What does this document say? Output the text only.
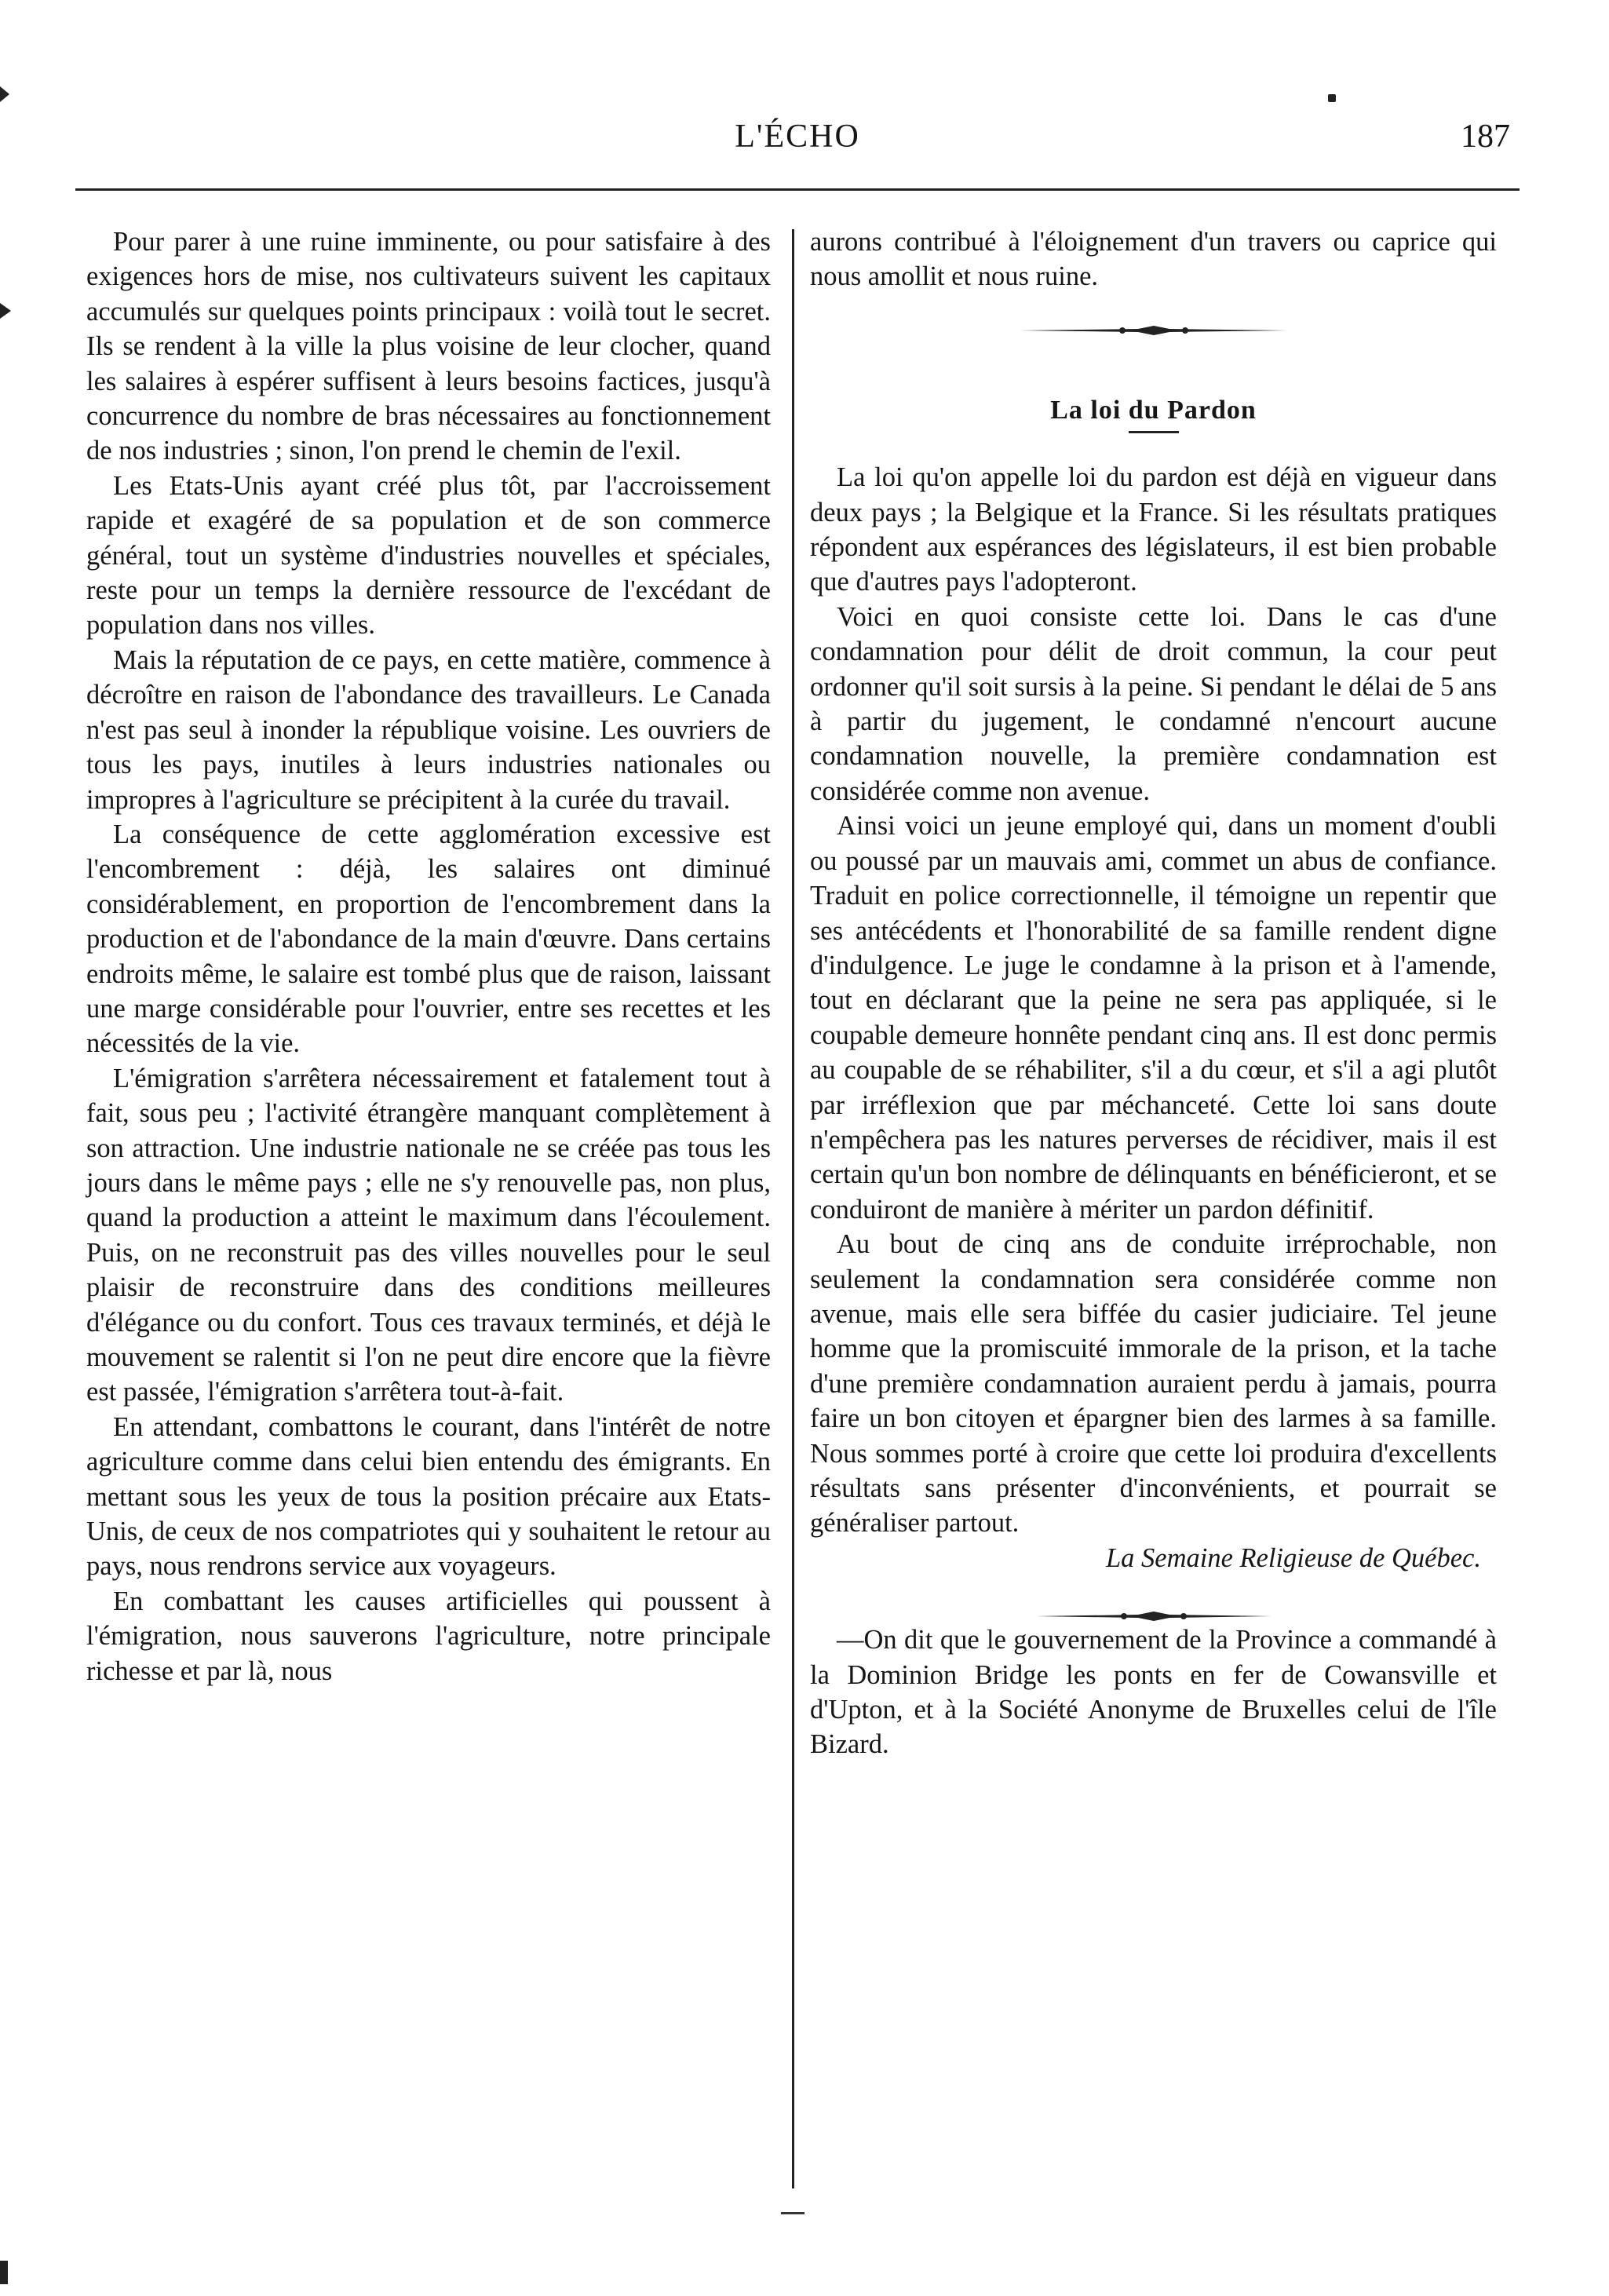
L'ÉCHO	187

Pour parer à une ruine imminente, ou pour satisfaire à des exigences hors de mise, nos cultivateurs suivent les capitaux accumulés sur quelques points principaux : voilà tout le secret. Ils se rendent à la ville la plus voisine de leur clocher, quand les salaires à espérer suffisent à leurs besoins factices, jusqu'à concurrence du nombre de bras nécessaires au fonctionnement de nos industries ; sinon, l'on prend le chemin de l'exil.

Les Etats-Unis ayant créé plus tôt, par l'accroissement rapide et exagéré de sa population et de son commerce général, tout un système d'industries nouvelles et spéciales, reste pour un temps la dernière ressource de l'excédant de population dans nos villes.

Mais la réputation de ce pays, en cette matière, commence à décroître en raison de l'abondance des travailleurs. Le Canada n'est pas seul à inonder la république voisine. Les ouvriers de tous les pays, inutiles à leurs industries nationales ou impropres à l'agriculture se précipitent à la curée du travail.

La conséquence de cette agglomération excessive est l'encombrement : déjà, les salaires ont diminué considérablement, en proportion de l'encombrement dans la production et de l'abondance de la main d'œuvre. Dans certains endroits même, le salaire est tombé plus que de raison, laissant une marge considérable pour l'ouvrier, entre ses recettes et les nécessités de la vie.

L'émigration s'arrêtera nécessairement et fatalement tout à fait, sous peu ; l'activité étrangère manquant complètement à son attraction. Une industrie nationale ne se créée pas tous les jours dans le même pays ; elle ne s'y renouvelle pas, non plus, quand la production a atteint le maximum dans l'écoulement. Puis, on ne reconstruit pas des villes nouvelles pour le seul plaisir de reconstruire dans des conditions meilleures d'élégance ou du confort. Tous ces travaux terminés, et déjà le mouvement se ralentit si l'on ne peut dire encore que la fièvre est passée, l'émigration s'arrêtera tout-à-fait.

En attendant, combattons le courant, dans l'intérêt de notre agriculture comme dans celui bien entendu des émigrants. En mettant sous les yeux de tous la position précaire aux Etats-Unis, de ceux de nos compatriotes qui y souhaitent le retour au pays, nous rendrons service aux voyageurs.

En combattant les causes artificielles qui poussent à l'émigration, nous sauverons l'agriculture, notre principale richesse et par là, nous

aurons contribué à l'éloignement d'un travers ou caprice qui nous amollit et nous ruine.

La loi du Pardon

La loi qu'on appelle loi du pardon est déjà en vigueur dans deux pays ; la Belgique et la France. Si les résultats pratiques répondent aux espérances des législateurs, il est bien probable que d'autres pays l'adopteront.

Voici en quoi consiste cette loi. Dans le cas d'une condamnation pour délit de droit commun, la cour peut ordonner qu'il soit sursis à la peine. Si pendant le délai de 5 ans à partir du jugement, le condamné n'encourt aucune condamnation nouvelle, la première condamnation est considérée comme non avenue.

Ainsi voici un jeune employé qui, dans un moment d'oubli ou poussé par un mauvais ami, commet un abus de confiance. Traduit en police correctionnelle, il témoigne un repentir que ses antécédents et l'honorabilité de sa famille rendent digne d'indulgence. Le juge le condamne à la prison et à l'amende, tout en déclarant que la peine ne sera pas appliquée, si le coupable demeure honnête pendant cinq ans. Il est donc permis au coupable de se réhabiliter, s'il a du cœur, et s'il a agi plutôt par irréflexion que par méchanceté. Cette loi sans doute n'empêchera pas les natures perverses de récidiver, mais il est certain qu'un bon nombre de délinquants en bénéficieront, et se conduiront de manière à mériter un pardon définitif.

Au bout de cinq ans de conduite irréprochable, non seulement la condamnation sera considérée comme non avenue, mais elle sera biffée du casier judiciaire. Tel jeune homme que la promiscuité immorale de la prison, et la tache d'une première condamnation auraient perdu à jamais, pourra faire un bon citoyen et épargner bien des larmes à sa famille. Nous sommes porté à croire que cette loi produira d'excellents résultats sans présenter d'inconvénients, et pourrait se généraliser partout.

La Semaine Religieuse de Québec.

—On dit que le gouvernement de la Province a commandé à la Dominion Bridge les ponts en fer de Cowansville et d'Upton, et à la Société Anonyme de Bruxelles celui de l'île Bizard.
